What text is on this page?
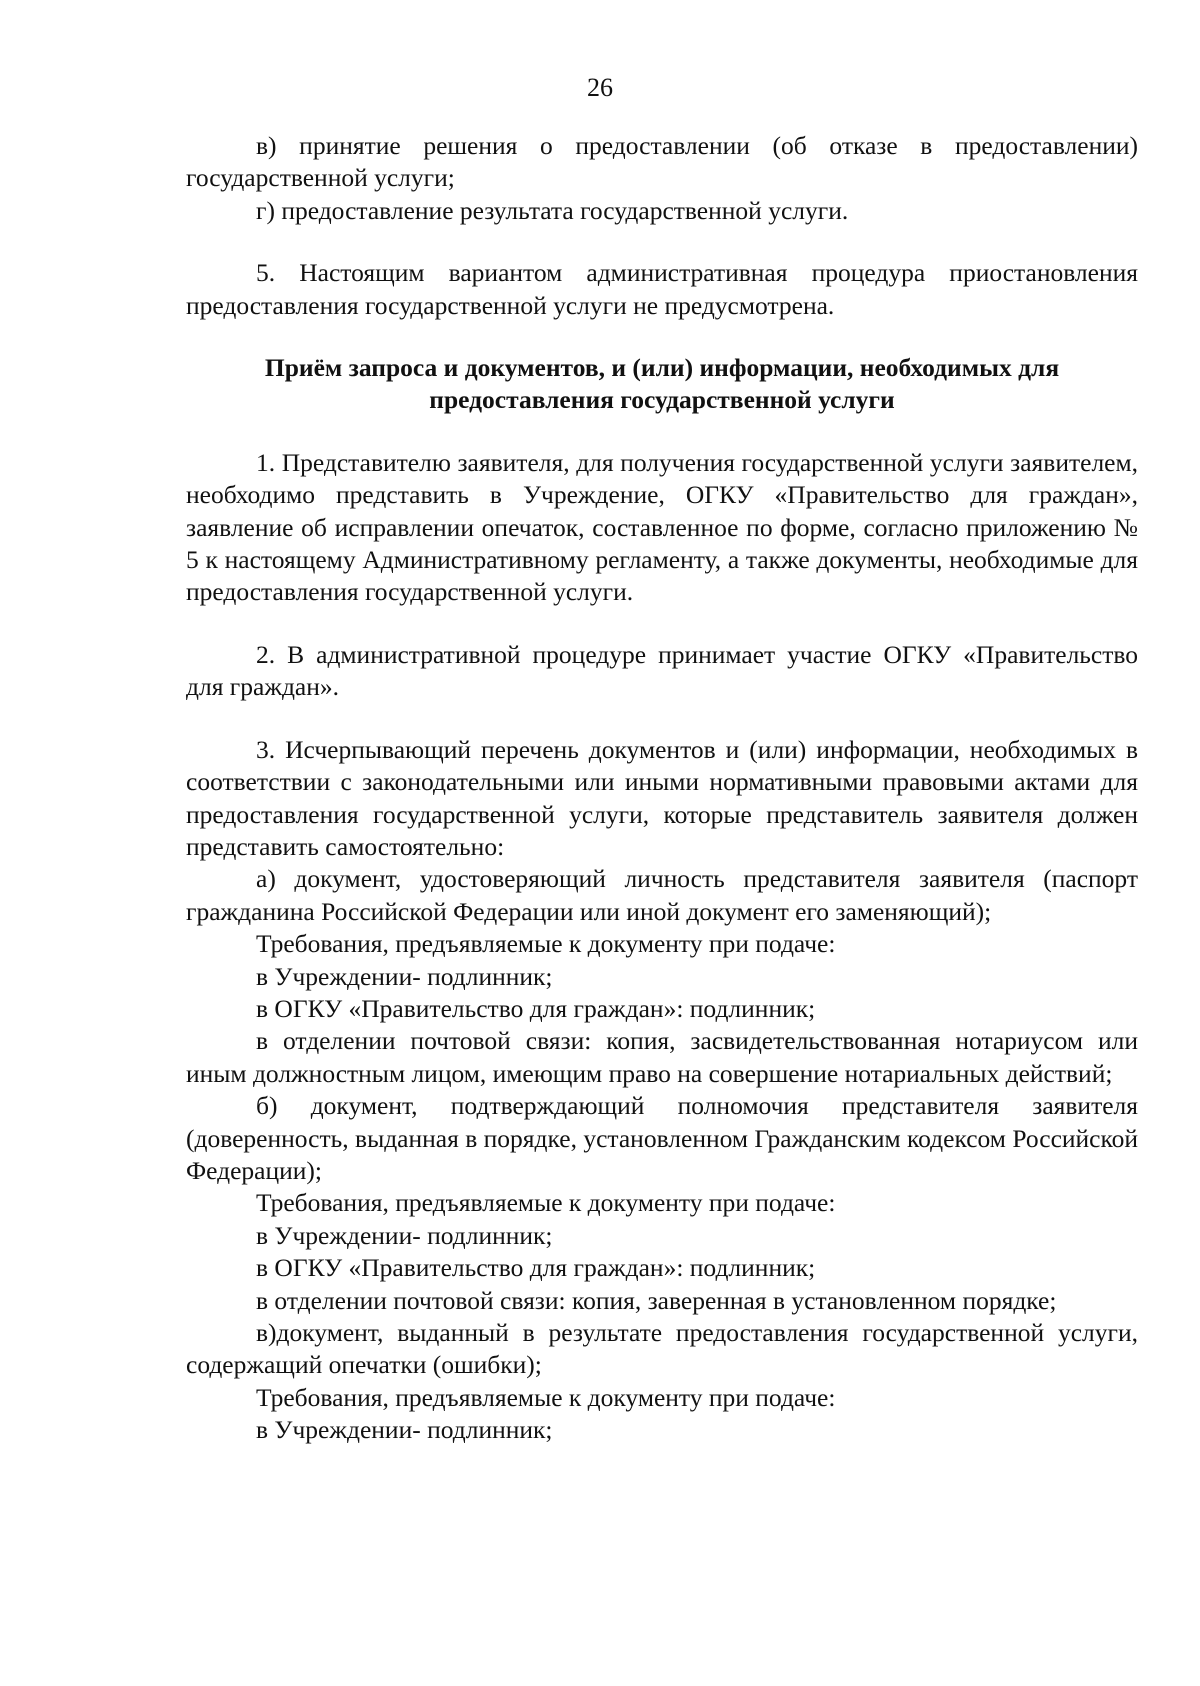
26

в) принятие решения о предоставлении (об отказе в предоставлении) государственной услуги;

г) предоставление результата государственной услуги.

5. Настоящим вариантом административная процедура приостановления предоставления государственной услуги не предусмотрена.

Приём запроса и документов, и (или) информации, необходимых для предоставления государственной услуги

1. Представителю заявителя, для получения государственной услуги заявителем, необходимо представить в Учреждение, ОГКУ «Правительство для граждан», заявление об исправлении опечаток, составленное по форме, согласно приложению № 5 к настоящему Административному регламенту, а также документы, необходимые для предоставления государственной услуги.

2. В административной процедуре принимает участие ОГКУ «Правительство для граждан».

3. Исчерпывающий перечень документов и (или) информации, необходимых в соответствии с законодательными или иными нормативными правовыми актами для предоставления государственной услуги, которые представитель заявителя должен представить самостоятельно:

а) документ, удостоверяющий личность представителя заявителя (паспорт гражданина Российской Федерации или иной документ его заменяющий);

Требования, предъявляемые к документу при подаче:

в Учреждении- подлинник;

в ОГКУ «Правительство для граждан»: подлинник;

в отделении почтовой связи: копия, засвидетельствованная нотариусом или иным должностным лицом, имеющим право на совершение нотариальных действий;

б) документ, подтверждающий полномочия представителя заявителя (доверенность, выданная в порядке, установленном Гражданским кодексом Российской Федерации);

Требования, предъявляемые к документу при подаче:

в Учреждении- подлинник;

в ОГКУ «Правительство для граждан»: подлинник;

в отделении почтовой связи: копия, заверенная в установленном порядке;

в)документ, выданный в результате предоставления государственной услуги, содержащий опечатки (ошибки);

Требования, предъявляемые к документу при подаче:

в Учреждении- подлинник;
